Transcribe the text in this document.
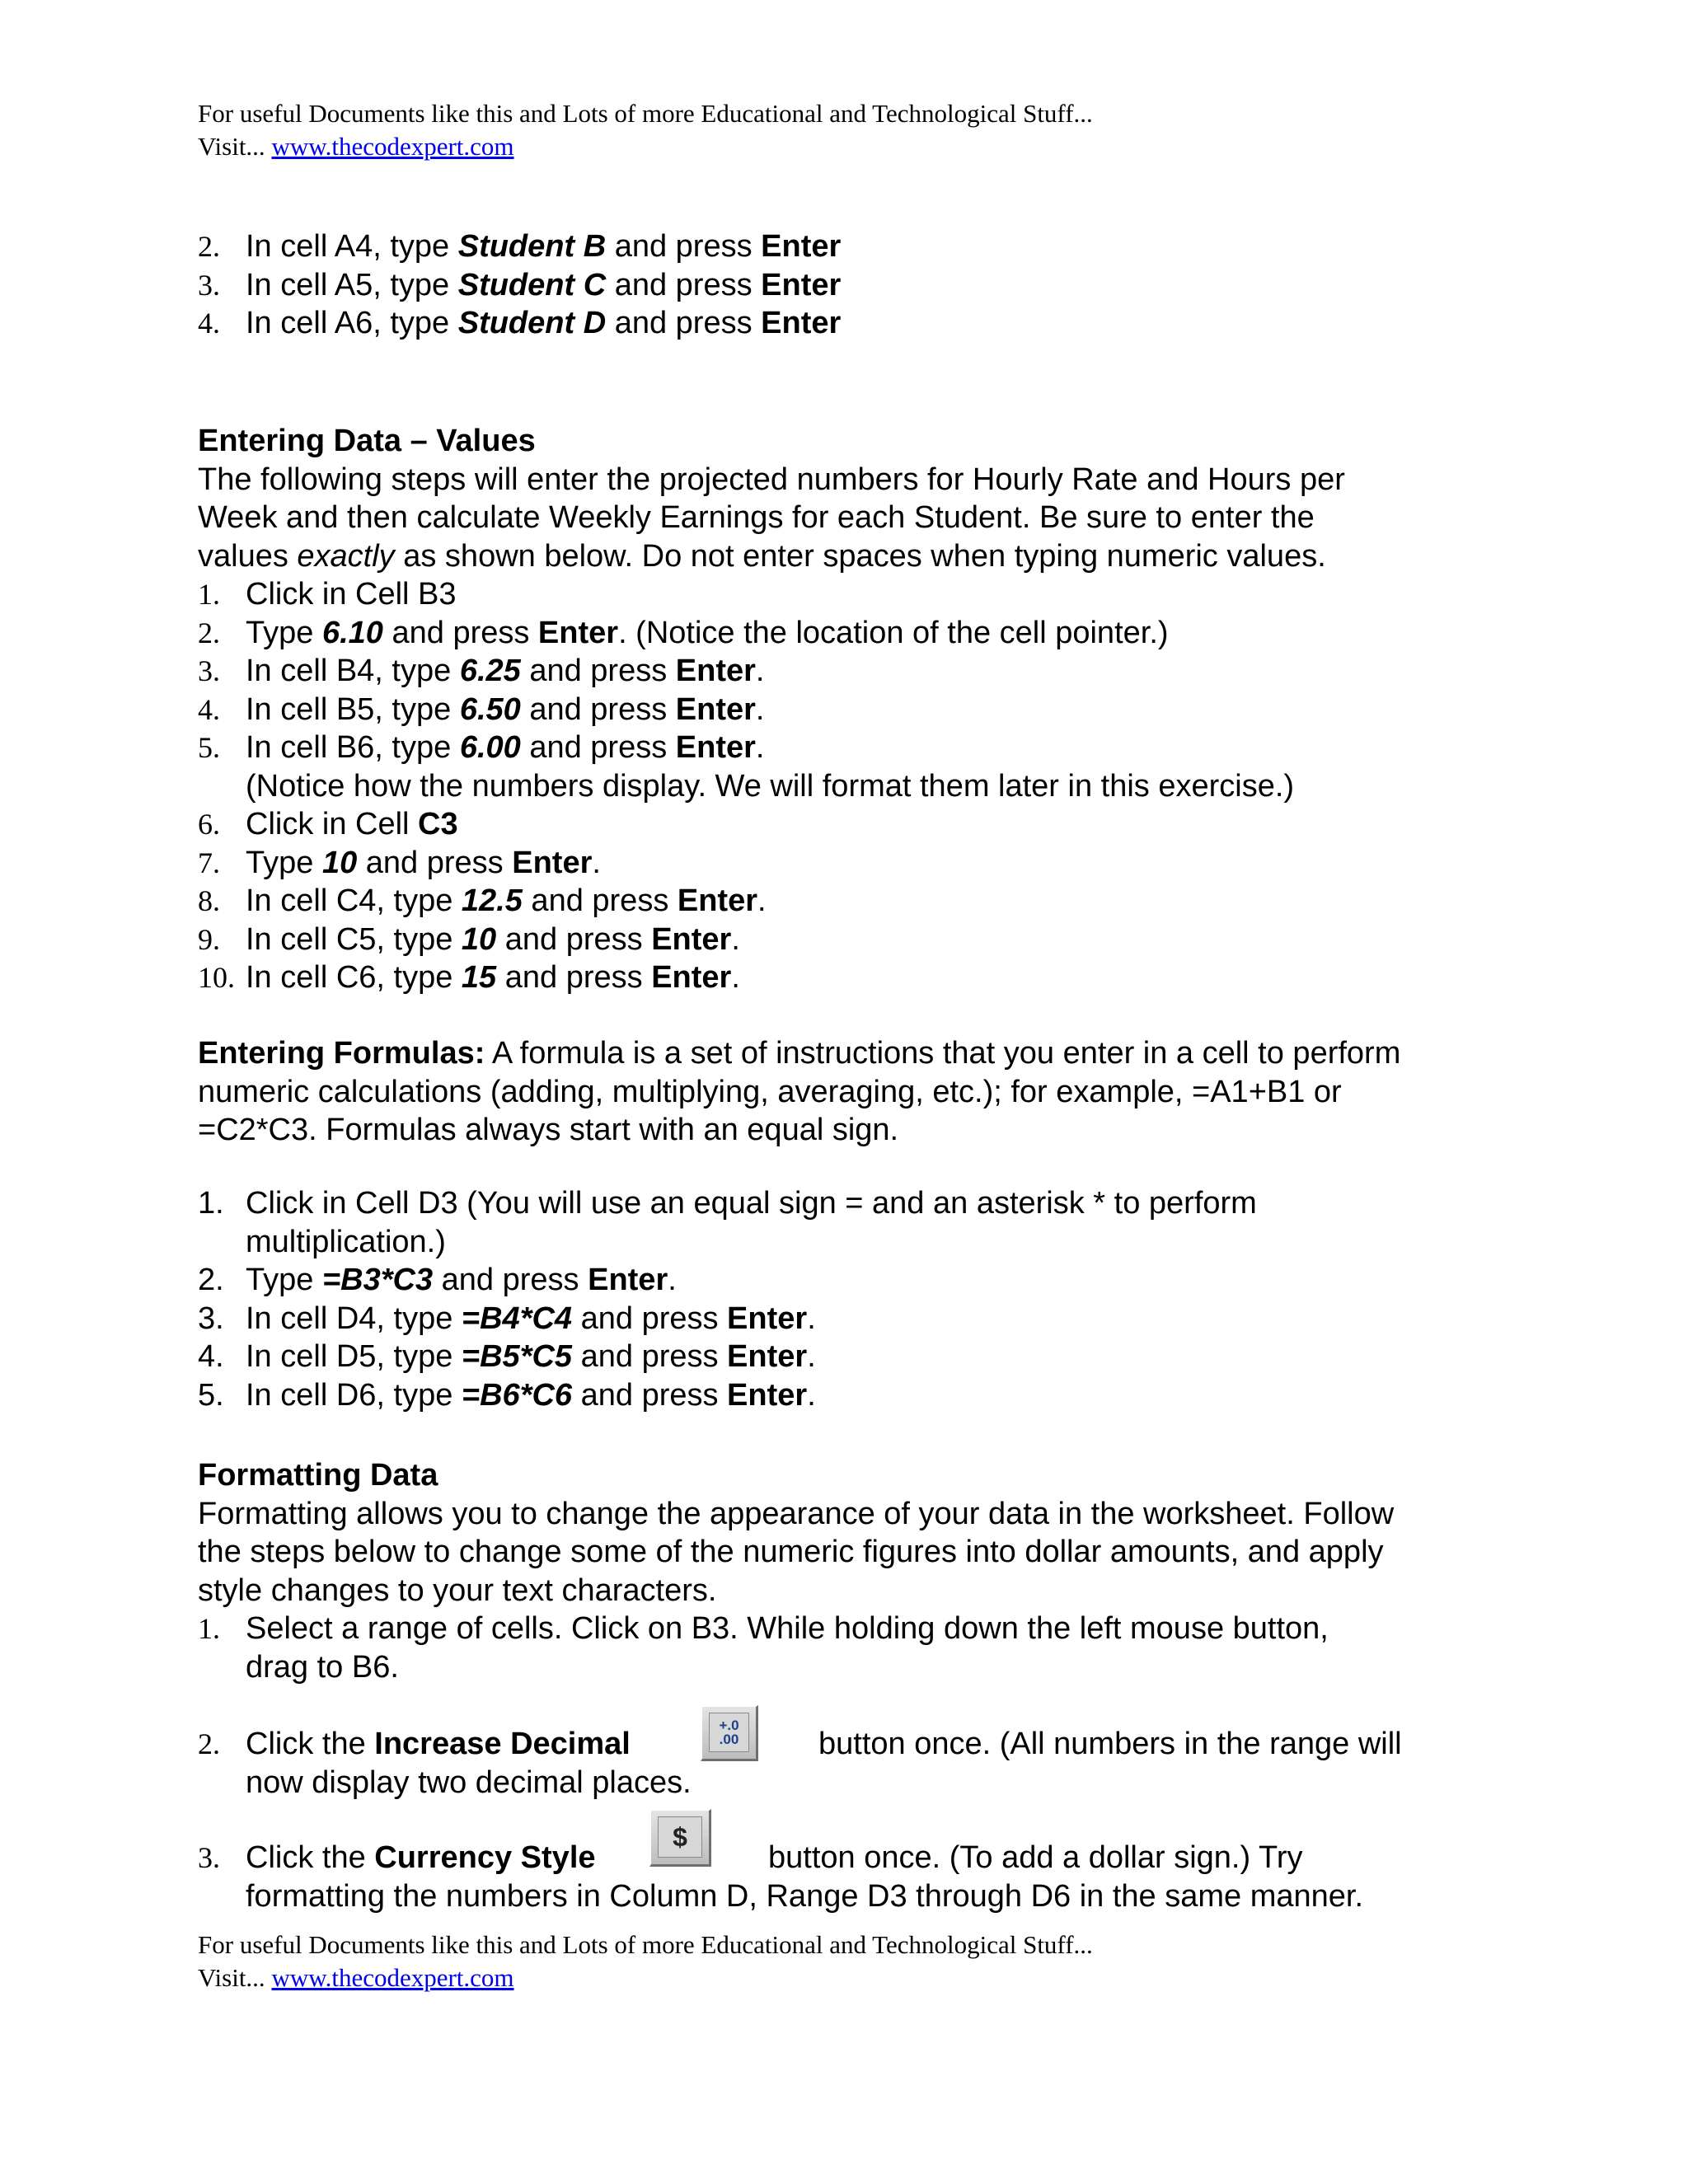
For useful Documents like this and Lots of more Educational and Technological Stuff...
Visit... www.thecodexpert.com
2. In cell A4, type Student B and press Enter
3. In cell A5, type Student C and press Enter
4. In cell A6, type Student D and press Enter
Entering Data – Values
The following steps will enter the projected numbers for Hourly Rate and Hours per
Week and then calculate Weekly Earnings for each Student. Be sure to enter the
values exactly as shown below. Do not enter spaces when typing numeric values.
1. Click in Cell B3
2. Type 6.10 and press Enter. (Notice the location of the cell pointer.)
3. In cell B4, type 6.25 and press Enter.
4. In cell B5, type 6.50 and press Enter.
5. In cell B6, type 6.00 and press Enter.
(Notice how the numbers display. We will format them later in this exercise.)
6. Click in Cell C3
7. Type 10 and press Enter.
8. In cell C4, type 12.5 and press Enter.
9. In cell C5, type 10 and press Enter.
10. In cell C6, type 15 and press Enter.
Entering Formulas: A formula is a set of instructions that you enter in a cell to perform
numeric calculations (adding, multiplying, averaging, etc.); for example, =A1+B1 or
=C2*C3. Formulas always start with an equal sign.
1. Click in Cell D3 (You will use an equal sign = and an asterisk * to perform
multiplication.)
2. Type =B3*C3 and press Enter.
3. In cell D4, type =B4*C4 and press Enter.
4. In cell D5, type =B5*C5 and press Enter.
5. In cell D6, type =B6*C6 and press Enter.
Formatting Data
Formatting allows you to change the appearance of your data in the worksheet. Follow
the steps below to change some of the numeric figures into dollar amounts, and apply
style changes to your text characters.
1. Select a range of cells. Click on B3. While holding down the left mouse button,
drag to B6.
2. Click the Increase Decimal	button once. (All numbers in the range will
now display two decimal places.
+.0
.00
3. Click the Currency Style	button once. (To add a dollar sign.) Try
formatting the numbers in Column D, Range D3 through D6 in the same manner.
$
For useful Documents like this and Lots of more Educational and Technological Stuff...
Visit... www.thecodexpert.com
